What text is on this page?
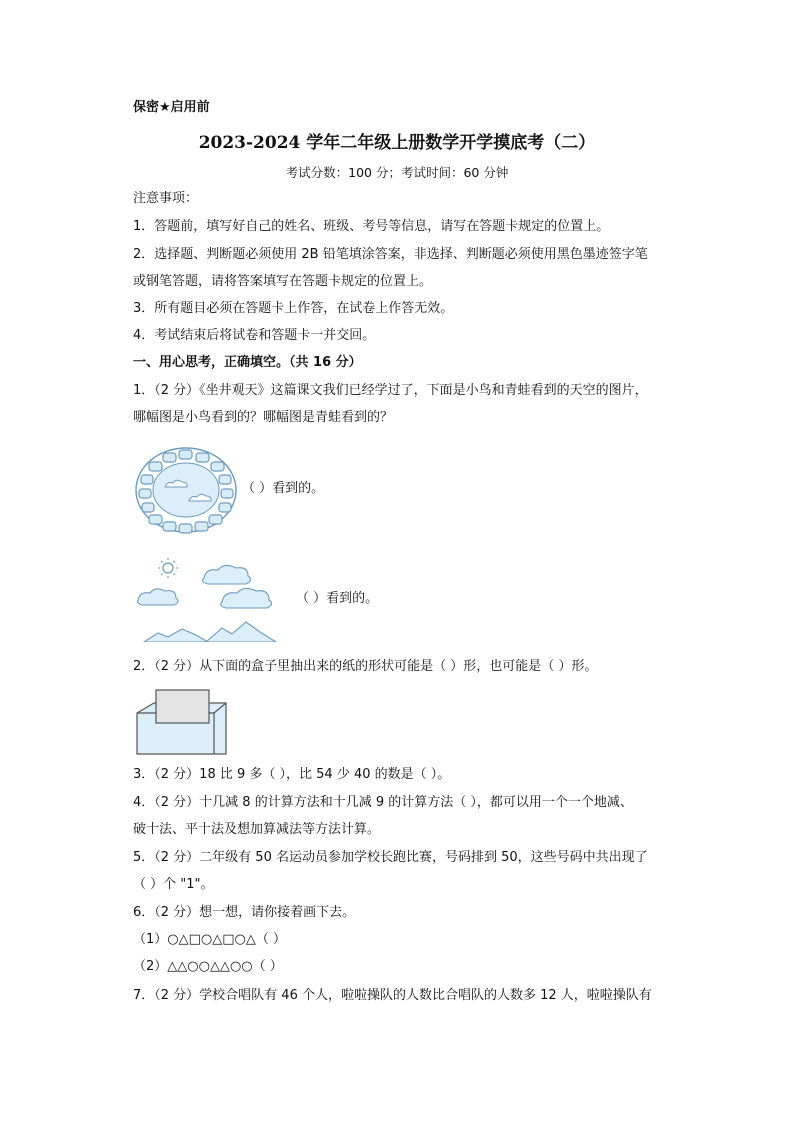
保密★启用前
2023-2024 学年二年级上册数学开学摸底考（二）
考试分数：100 分；考试时间：60 分钟
注意事项：
1．答题前，填写好自己的姓名、班级、考号等信息，请写在答题卡规定的位置上。
2．选择题、判断题必须使用 2B 铅笔填涂答案，非选择、判断题必须使用黑色墨迹签字笔
或钢笔答题，请将答案填写在答题卡规定的位置上。
3．所有题目必须在答题卡上作答，在试卷上作答无效。
4．考试结束后将试卷和答题卡一并交回。
一、用心思考，正确填空。（共 16 分）
1．（2 分）《坐井观天》这篇课文我们已经学过了，下面是小鸟和青蛙看到的天空的图片，
哪幅图是小鸟看到的？哪幅图是青蛙看到的？
（ ）看到的。
（ ）看到的。
2．（2 分）从下面的盒子里抽出来的纸的形状可能是（ ）形，也可能是（ ）形。
3．（2 分）18 比 9 多（ ），比 54 少 40 的数是（ ）。
4．（2 分）十几减 8 的计算方法和十几减 9 的计算方法（ ），都可以用一个一个地减、
破十法、平十法及想加算减法等方法计算。
5．（2 分）二年级有 50 名运动员参加学校长跑比赛，号码排到 50，这些号码中共出现了
（ ）个 "1"。
6．（2 分）想一想，请你接着画下去。
（1）○△□○△□○△（ ）
（2）△△○○△△○○（ ）
7．（2 分）学校合唱队有 46 个人，啦啦操队的人数比合唱队的人数多 12 人，啦啦操队有
